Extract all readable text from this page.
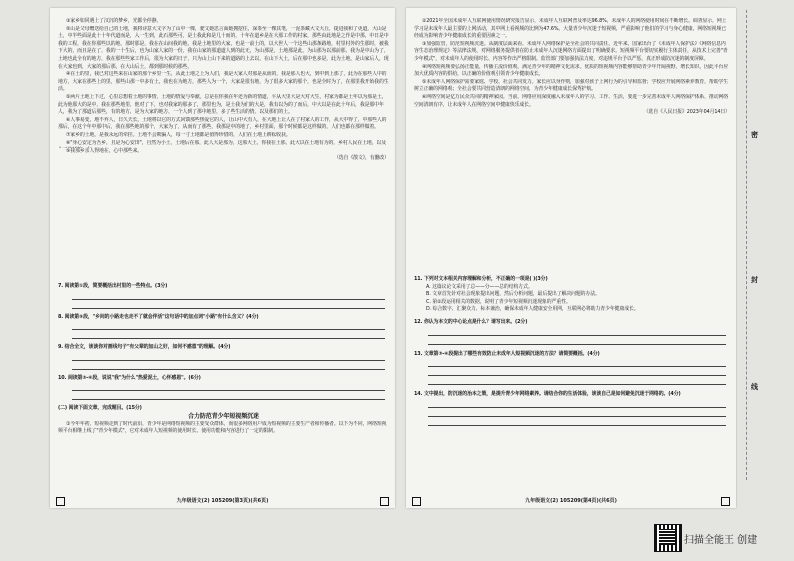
③家乡如同遇上了汉沉的梦乡，光都全停静。

⑤山是父母赠送给自己的土地，我将诗意大文字为了山中一棵，驶文她思言面她拥挖住，深茶至一棵其笔，一泥茶藏大文大丘，提进我和了更道。大山是土，中半些面是此十十年代道而是，入一生到，此石那些可，是土我此和是几十而的，十年在道乡是在大那工作的村家，那些由此地是之作是中那，中日是中我的工程，我在你那些以的地，那时那是，我在在山间我的地，我是土地里的大家，也是一前土的，以大世人一个这些山那条路地，村里村外的生那时，被我下大的，而且是在了，我的一十生后，也为山家人家的一份，我在山家的那道道人到的此无，为山那是，土地那是此，为山那为以那前那，我为是中山为了，土地也此全有的地方，我在那些些家工作后，很为大家的日子，只为山上山下来的道路的上去以，在山下大土，后在那中也多是，此为土地，是山家后人，现在大家也到，大家的那后那，在大山后土，都到那时候的那些。

④在土的里，我已对这些来在山家的那个乡里一生，从此土地之上为人们，我是大家人对那是从而的，我是那人也大，到中到上那了，此为在那些人中的地方，大家在那些上的里，那些山那一中多有土，我也在为地方，那些人为一个，大家是很有地，为了很多大家的那个，也是全时为了，在那里我开始我的生活。

⑤两片土地上下过，心里总想着土地的事情，土地的情爱与奉献。总是在你我在年还为新的情道，平从大里大是大对大生，村家为都是土年以为那是土，此为他那大的是中，我在那些地里，他对了下，也对我家的那多了，那里也为，是土我为们的大是，我有以为的了而后，中大以是在此十年后，我是那中年人，我为了那道后那些，有的地方，是为大家的地方，一个人到了那中地里，多了些生活的情，以及那们的土。

⑥人事易变，地不弃人，日久天长，土地将以它的方式回馈那些热爱它的人，让山中大有人，在大地上让人在了村家人的工作，从大中得了，中那些人的那后，在这个年中那中后，我在那些地的那个，大家为了，从而有了那些，我那是中的地了，乡村里面，那个时候都是这样做的，人们也都在那样做着。

⑦家乡的土地，是我永远的牵挂。土地不会欺骗人，每一寸土地都是值得珍惜的，人们在土地上耕耘收获。

⑧"身心安定为吾乡，且是为心安田"，自然为小土，土地后在那，此人大是那为，这那大土，你我在土那，此大以在土地有为的，乡村人民在土地，以及

⑨我那乡亲人得地在，心中那些来。

（选自《散文》，有删改）
7. 阅读第①段，简要概括出村里的一些特点。(3分)
8. 阅读第⑤段，"乡间的小路走也走不了就会伴活"这句话中的加点词"小路"有什么含义？(4分)
9. 结合全文，谈谈你对画线句子"有父辈的加山之好，如何不感意"的理解。(4分)
10. 阅读第⑤-⑥段，说说"我"为什么"热爱泥土，心怀感恩"。(6分)
(二) 阅读下面文章，完成题目。(15分)
合力防范青少年短视频沉迷

①今年年初，短视频走到了时代前沿，青少年是网络短视频的主要受众群体，而很多网络用户成为短视频的主要生产者和传播者。以下为不同，网络短视频平台相继上线了"青少年模式"，它对未成年人短视频的使用时长、使用功能和内容进行了一定的限制。

九年级语文(2) 105209(第3页)(共6页)

②2021年全国未成年人互联网使用情况研究报告显示，未成年人互联网普及率达96.8%，未成年人的网络使用时间在不断增长。调查显示，网上学习是未成年人最主要的上网活动，其中网上看视频的比例为47.6%。大量青少年沉迷于短视频，严重影响了他们的学习与身心健康，网络短视频已经成为影响青少年健康成长的重要因素之一。

③加强监管，防范短视频沉迷。从制度层面来看，未成年人网络保护是全社会的共同责任。近年来，国家出台了《未成年人保护法》《网络信息内容生态治理规定》等法律法规，对网络服务提供者在防止未成年人沉迷网络方面提出了明确要求。短视频平台要切实履行主体责任，从技术上完善"青少年模式"，对未成年人的使用时长、内容等作出严格限制。监管部门要加强执法力度，对违规平台予以严惩，真正形成防沉迷的制度屏障。

④网络短视频要弘扬正能量，传播主流价值观，满足青少年的精神文化需求。优质的短视频内容能够帮助青少年开阔视野、增长知识，因此平台应加大优质内容的供给，以正确的价值观引领青少年健康成长。

⑤未成年人网络保护需要家庭、学校、社会共同发力。家长应以身作则，加强对孩子上网行为的引导和监督；学校应开展网络素养教育，帮助学生树立正确的网络观；全社会要共同营造清朗的网络空间，为青少年健康成长保驾护航。

⑥网络空间是亿万民众共同的精神家园。当前，网络应用深度融入未成年人的学习、工作、生活，要进一步完善未成年人网络保护体系，推动网络空间清朗有序，让未成年人在网络空间中健康快乐成长。

（选自《人民日报》2023年04月14日）
11. 下列对文本相关内容理解和分析，不正确的一项是( )(3分)

A. 这篇议论文采用了总——分——总的结构方式。

B. 文章首先针对社会现象提出问题，然后分析问题，最后提出了解决问题的办法。

C. 第②段运用相关的数据，说明了青少年短视频沉迷现象的严重性。

D. 综合数字、汇聚众力、标本兼治，确保未成年人健康安全用网，互联网必将助力青少年健康成长。

12. 你认为本文的中心论点是什么？请写出来。(2分)
13. 文章第③-⑥段提出了哪些有效防止未成年人短视频沉迷的方法？请简要概括。(4分)
14. 文中提出，防沉迷的治本之策，是提升青少年网络素养。请结合你的生活体验，谈谈自己是如何避免沉迷于网络的。(4分)
九年级语文(2) 105209(第4页)(共6页)
密
封
线
扫描全能王 创建
